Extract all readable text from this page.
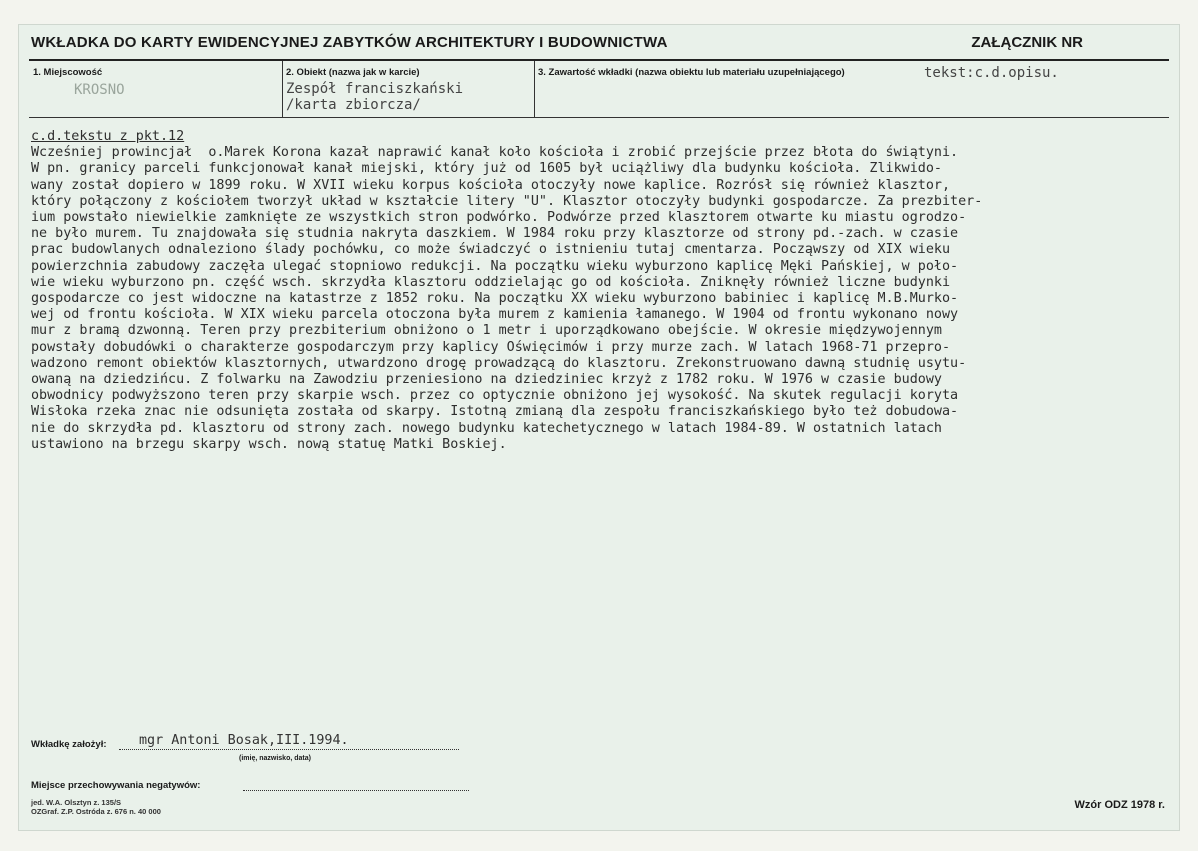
WKŁADKA DO KARTY EWIDENCYJNEJ ZABYTKÓW ARCHITEKTURY I BUDOWNICTWA	ZAŁĄCZNIK NR
1. Miejscowość
KROSNO
2. Obiekt (nazwa jak w karcie)
Zespół franciszkański
/karta zbiorcza/
3. Zawartość wkładki (nazwa obiektu lub materiału uzupełniającego)	tekst:c.d.opisu.
c.d.tekstu z pkt.12
Wcześniej prowincjał  o.Marek Korona kazał naprawić kanał koło kościoła i zrobić przejście przez błota do świątyni.
W pn. granicy parceli funkcjonował kanał miejski, który już od 1605 był uciążliwy dla budynku kościoła. Zlikwido-
wany został dopiero w 1899 roku. W XVII wieku korpus kościoła otoczyły nowe kaplice. Rozrósł się również klasztor,
który połączony z kościołem tworzył układ w kształcie litery "U". Klasztor otoczyły budynki gospodarcze. Za prezbiter-
ium powstało niewielkie zamknięte ze wszystkich stron podwórko. Podwórze przed klasztorem otwarte ku miastu ogrodzo-
ne było murem. Tu znajdowała się studnia nakryta daszkiem. W 1984 roku przy klasztorze od strony pd.-zach. w czasie
prac budowlanych odnaleziono ślady pochówku, co może świadczyć o istnieniu tutaj cmentarza. Począwszy od XIX wieku
powierzchnia zabudowy zaczęła ulegać stopniowo redukcji. Na początku wieku wyburzono kaplicę Męki Pańskiej, w poło-
wie wieku wyburzono pn. część wsch. skrzydła klasztoru oddzielając go od kościoła. Zniknęły również liczne budynki
gospodarcze co jest widoczne na katastrze z 1852 roku. Na początku XX wieku wyburzono babiniec i kaplicę M.B.Murko-
wej od frontu kościoła. W XIX wieku parcela otoczona była murem z kamienia łamanego. W 1904 od frontu wykonano nowy
mur z bramą dzwonną. Teren przy prezbiterium obniżono o 1 metr i uporządkowano obejście. W okresie międzywojennym
powstały dobudówki o charakterze gospodarczym przy kaplicy Oświęcimów i przy murze zach. W latach 1968-71 przepro-
wadzono remont obiektów klasztornych, utwardzono drogę prowadzącą do klasztoru. Zrekonstruowano dawną studnię usytu-
owaną na dziedzińcu. Z folwarku na Zawodziu przeniesiono na dziedziniec krzyż z 1782 roku. W 1976 w czasie budowy
obwodnicy podwyższono teren przy skarpie wsch. przez co optycznie obniżono jej wysokość. Na skutek regulacji koryta
Wisłoka rzeka znac nie odsunięta została od skarpy. Istotną zmianą dla zespołu franciszkańskiego było też dobudowa-
nie do skrzydła pd. klasztoru od strony zach. nowego budynku katechetycznego w latach 1984-89. W ostatnich latach
ustawiono na brzegu skarpy wsch. nową statuę Matki Boskiej.
Wkładkę założył: mgr Antoni Bosak,III.1994.
(imię, nazwisko, data)
Miejsce przechowywania negatywów:
Wzór ODZ 1978 r.
jed. W.A. Olsztyn z. 135/S
OZGraf. Z.P. Ostróda z. 676 n. 40 000
